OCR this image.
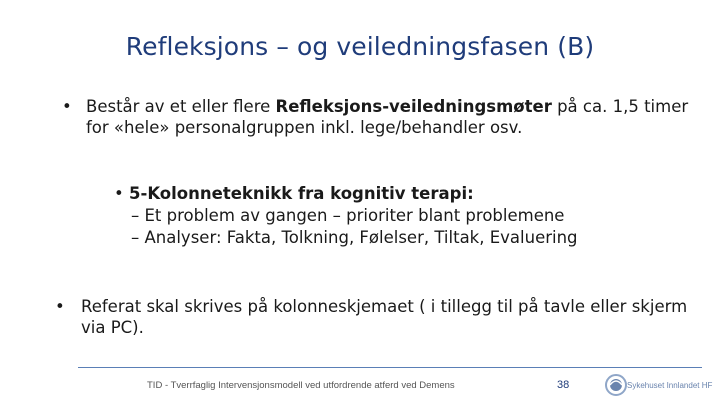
Refleksjons – og veiledningsfasen (B)
• Består av et eller flere Refleksjons-veiledningsmøter på ca. 1,5 timer for «hele» personalgruppen inkl. lege/behandler osv.
• 5-Kolonneteknikk fra kognitiv terapi:
– Et problem av gangen – prioriter blant problemene
– Analyser: Fakta, Tolkning, Følelser, Tiltak, Evaluering
• Referat skal skrives på kolonneskjemaet ( i tillegg til på tavle eller skjerm via PC).
TID - Tverrfaglig Intervensjonsmodell ved utfordrende atferd ved Demens	38	Sykehuset Innlandet HF
